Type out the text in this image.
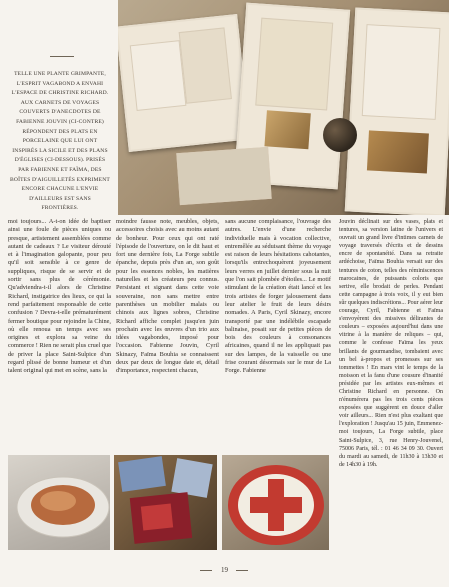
TELLE UNE PLANTE GRIMPANTE, L'ESPRIT VAGABOND A ENVAHI L'ESPACE DE CHRISTINE RICHARD. AUX CARNETS DE VOYAGES COUVERTS D'ANECDOTES DE FABIENNE JOUVIN (CI-CONTRE) RÉPONDENT DES PLATS EN PORCELAINE QUE LUI ONT INSPIRÉS LA SICILE ET DES PLANS D'ÉGLISES (CI-DESSOUS). PRISÉS PAR FABIENNE ET FAÏMA, DES BOÎTES D'AIGUILLETÉS EXPRIMENT ENCORE CHACUNE L'ENVIE D'AILLEURS EST SANS FRONTIÈRES.

moi toujours... A-t-on idée de baptiser ainsi une foule de pièces uniques ou presque, artistement assemblées comme autant de cadeaux ? Le visiteur dérouté et à l'imagination galopante, pour peu qu'il soit sensible à ce genre de suppliques, risque de se servir et de sortir sans plus de cérémonie. Qu'adviendra-t-il alors de Christine Richard, instigatrice des lieux, ce qui la rend parfaitement responsable de cette confusion ? Devra-t-elle prématurément fermer boutique pour rejoindre la Chine, où elle renoua un temps avec ses origines et explora sa veine du commerce ! Rien ne serait plus cruel que de priver la place Saint-Sulpice d'un regard plissé de bonne humeur et d'un talent original qui met en scène, sans la

moindre fausse note, meubles, objets, accessoires choisis avec au moins autant de bonheur. Pour ceux qui ont raté l'épisode de l'ouverture, on le dit haut et fort une dernière fois, La Forge subtile épanche, depuis près d'un an, son goût pour les essences nobles, les matières naturelles et les créateurs peu connus. Persistant et signant dans cette voie souveraine, non sans mettre entre parenthèses un mobilier malais ou chinois aux lignes sobres, Christine Richard affiche complet jusqu'en juin prochain avec les œuvres d'un trio aux idées vagabondes, imposé pour l'occasion. Fabienne Jouvin, Cyril Skinazy, Faïma Bouhia se connaissent deux par deux de longue date et, détail d'importance, respectent chacun,

sans aucune complaisance, l'ouvrage des autres. L'envie d'une recherche individuelle mais à vocation collective, entremêlée au séduisant thème du voyage est raison de leurs hésitations cahotantes, lorsqu'ils entrechoquèrent joyeusement leurs verres en juillet dernier sous la nuit que l'on sait plombée d'étoiles... Le motif stimulant de la création était lancé et les trois artistes de forger jalousement dans leur atelier le fruit de leurs désirs nomades. A Paris, Cyril Skinazy, encore transporté par une indélébile escapade balinaise, posait sur de petites pièces de bois des couleurs à consonances africaines, quand il ne les appliquait pas sur des lampes, de la vaisselle ou une frise courant désormais sur le mur de La Forge. Fabienne

Jouvin déclinait sur des vases, plats et tentures, sa version latine de l'univers et ouvrait un grand livre d'intimes carnets de voyage traversés d'écrits et de dessins encre de spontanéité. Dans sa retraite ardéchoise, Faïma Bouhia versait sur des tentures de coton, telles des réminiscences marocaines, de puissants coloris que sertive, elle brodait de perles. Pendant cette campagne à trois voix, il y eut bien sûr quelques indiscrétions... Pour aérer leur courage, Cyril, Fabienne et Faïma s'envoyèrent des missives délirantes de couleurs – exposées aujourd'hui dans une vitrine à la manière de reliques – qui, comme le confesse Faïma les yeux brillants de gourmandise, tombaient avec un bel à-propos et promesses sur ses tommettes ! En mars vint le temps de la moisson et la fanu d'une cousure d'inanité présidée par les artistes eux-mêmes et Christine Richard en personne. On n'énumérera pas les trois cents pièces exposées que suggèrent en douce d'aller voir ailleurs... Rien n'est plus exaltant que l'exploration ! Jusqu'au 15 juin, Emmenez-moi toujours, La Forge subtile, place Saint-Sulpice, 3, rue Henry-Jouvenel, 75006 Paris, tél. : 01 46 34 09 30. Ouvert du mardi au samedi, de 11h30 à 13h30 et de 14h30 à 19h.

19
